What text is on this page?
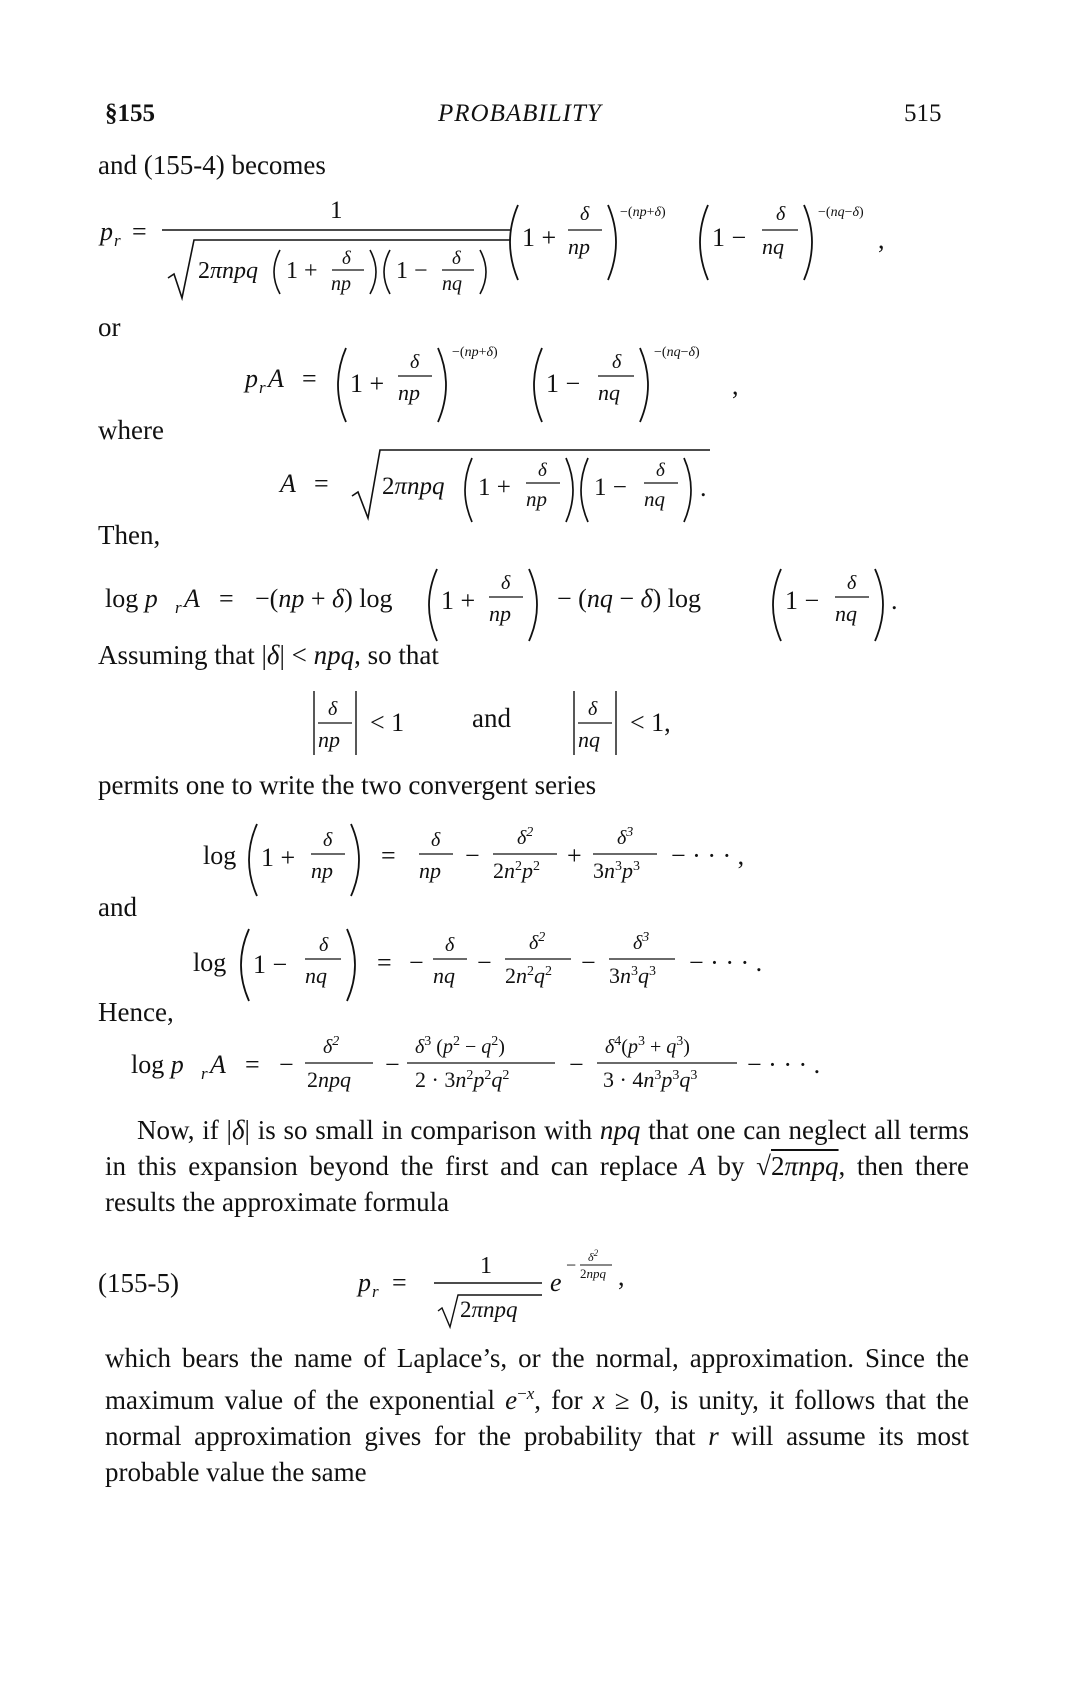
§155	PROBABILITY	515
and (155-4) becomes
p r =
1
2πnpq 1 + δ
np 1 − δ
nq
1 +
δ
np
−(np+δ)
1 −
δ
nq
−(nq−δ)
,
or
p r A = 1 +
δ
np
−(np+δ)
1 −
δ
nq
−(nq−δ)
,
where
A = 2πnpq 1 +
δ
np 1 −
δ
nq .
Then,
log p r A = −(np + δ) log 1 +
δ
np
− (nq − δ) log	1 −
δ
nq .
Assuming that |δ| < npq, so that
δ
np
< 1	δ
nq
< 1,
and
permits one to write the two convergent series
log 1 +
δ
np
=
δ
np
−
$\delta^2$
$2n^2p^2$ +
$\delta^3$
$3n^3p^3$ − · · · ,
and
log 1 −
δ
nq = −
δ
nq −
$\delta^2$
$2n^2q^2$ −
$\delta^3$
$3n^3q^3$ − · · · .
Hence,
log p r A = −
$\delta^2$
2npq
−
$\delta^3$ $(p^2 - q^2)$
$2 \cdot 3n^2p^2q^2$ −
$\delta^4(p^3 + q^3)$
$3 \cdot 4n^3p^3q^3$ − · · · .
Now, if |δ| is so small in comparison with npq that one can neglect all terms in this expansion beyond the first and can replace A by √2πnpq, then there results the approximate formula
(155-5)	p r =
1
2πnpq
e
− $\delta^2$
2npq ,
which bears the name of Laplace’s, or the normal, approximation. Since the maximum value of the exponential $e^{-x}$, for x ≥ 0, is unity, it follows that the normal approximation gives for the probability that r will assume its most probable value the same
